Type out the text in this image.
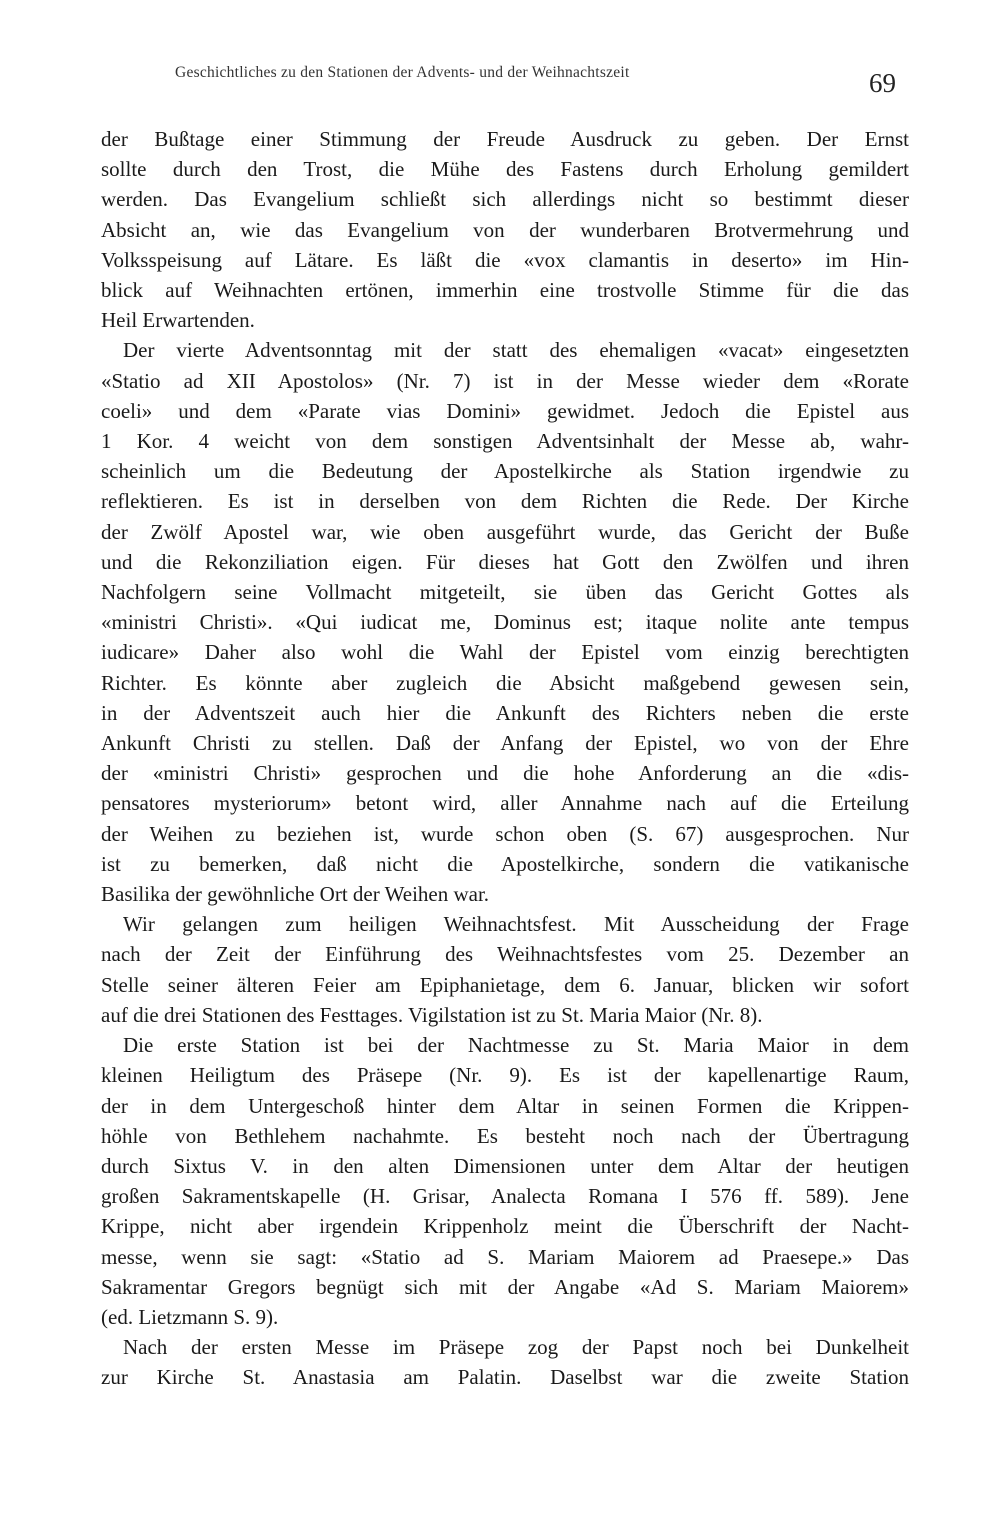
Geschichtliches zu den Stationen der Advents- und der Weihnachtszeit	69
der Bußtage einer Stimmung der Freude Ausdruck zu geben. Der Ernst
sollte durch den Trost, die Mühe des Fastens durch Erholung gemildert
werden. Das Evangelium schließt sich allerdings nicht so bestimmt dieser
Absicht an, wie das Evangelium von der wunderbaren Brotvermehrung und
Volksspeisung auf Lätare. Es läßt die «vox clamantis in deserto» im Hin-
blick auf Weihnachten ertönen, immerhin eine trostvolle Stimme für die das
Heil Erwartenden.
Der vierte Adventsonntag mit der statt des ehemaligen «vacat» eingesetzten
«Statio ad XII Apostolos» (Nr. 7) ist in der Messe wieder dem «Rorate
coeli» und dem «Parate vias Domini» gewidmet. Jedoch die Epistel aus
1 Kor. 4 weicht von dem sonstigen Adventsinhalt der Messe ab, wahr-
scheinlich um die Bedeutung der Apostelkirche als Station irgendwie zu
reflektieren. Es ist in derselben von dem Richten die Rede. Der Kirche
der Zwölf Apostel war, wie oben ausgeführt wurde, das Gericht der Buße
und die Rekonziliation eigen. Für dieses hat Gott den Zwölfen und ihren
Nachfolgern seine Vollmacht mitgeteilt, sie üben das Gericht Gottes als
«ministri Christi». «Qui iudicat me, Dominus est; itaque nolite ante tempus
iudicare» Daher also wohl die Wahl der Epistel vom einzig berechtigten
Richter. Es könnte aber zugleich die Absicht maßgebend gewesen sein,
in der Adventszeit auch hier die Ankunft des Richters neben die erste
Ankunft Christi zu stellen. Daß der Anfang der Epistel, wo von der Ehre
der «ministri Christi» gesprochen und die hohe Anforderung an die «dis-
pensatores mysteriorum» betont wird, aller Annahme nach auf die Erteilung
der Weihen zu beziehen ist, wurde schon oben (S. 67) ausgesprochen. Nur
ist zu bemerken, daß nicht die Apostelkirche, sondern die vatikanische
Basilika der gewöhnliche Ort der Weihen war.
Wir gelangen zum heiligen Weihnachtsfest. Mit Ausscheidung der Frage
nach der Zeit der Einführung des Weihnachtsfestes vom 25. Dezember an
Stelle seiner älteren Feier am Epiphanietage, dem 6. Januar, blicken wir sofort
auf die drei Stationen des Festtages. Vigilstation ist zu St. Maria Maior (Nr. 8).
Die erste Station ist bei der Nachtmesse zu St. Maria Maior in dem
kleinen Heiligtum des Präsepe (Nr. 9). Es ist der kapellenartige Raum,
der in dem Untergeschoß hinter dem Altar in seinen Formen die Krippen-
höhle von Bethlehem nachahmte. Es besteht noch nach der Übertragung
durch Sixtus V. in den alten Dimensionen unter dem Altar der heutigen
großen Sakramentskapelle (H. Grisar, Analecta Romana I 576 ff. 589). Jene
Krippe, nicht aber irgendein Krippenholz meint die Überschrift der Nacht-
messe, wenn sie sagt: «Statio ad S. Mariam Maiorem ad Praesepe.» Das
Sakramentar Gregors begnügt sich mit der Angabe «Ad S. Mariam Maiorem»
(ed. Lietzmann S. 9).
Nach der ersten Messe im Präsepe zog der Papst noch bei Dunkelheit
zur Kirche St. Anastasia am Palatin. Daselbst war die zweite Station
